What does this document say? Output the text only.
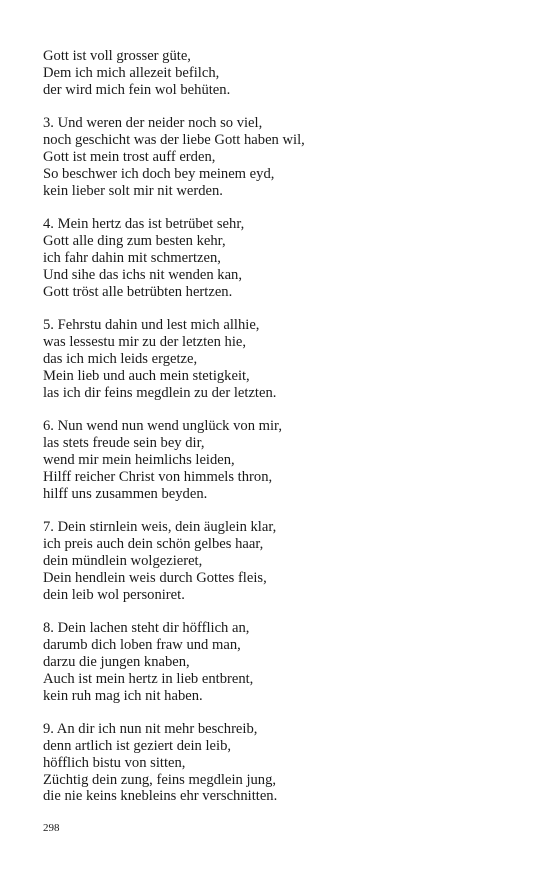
Gott ist voll grosser güte,
Dem ich mich allezeit befilch,
der wird mich fein wol behüten.
3. Und weren der neider noch so viel,
noch geschicht was der liebe Gott haben wil,
Gott ist mein trost auff erden,
So beschwer ich doch bey meinem eyd,
kein lieber solt mir nit werden.
4. Mein hertz das ist betrübet sehr,
Gott alle ding zum besten kehr,
ich fahr dahin mit schmertzen,
Und sihe das ichs nit wenden kan,
Gott tröst alle betrübten hertzen.
5. Fehrstu dahin und lest mich allhie,
was lessestu mir zu der letzten hie,
das ich mich leids ergetze,
Mein lieb und auch mein stetigkeit,
las ich dir feins megdlein zu der letzten.
6. Nun wend nun wend unglück von mir,
las stets freude sein bey dir,
wend mir mein heimlichs leiden,
Hilff reicher Christ von himmels thron,
hilff uns zusammen beyden.
7. Dein stirnlein weis, dein äuglein klar,
ich preis auch dein schön gelbes haar,
dein mündlein wolgezieret,
Dein hendlein weis durch Gottes fleis,
dein leib wol personiret.
8. Dein lachen steht dir höfflich an,
darumb dich loben fraw und man,
darzu die jungen knaben,
Auch ist mein hertz in lieb entbrent,
kein ruh mag ich nit haben.
9. An dir ich nun nit mehr beschreib,
denn artlich ist geziert dein leib,
höfflich bistu von sitten,
Züchtig dein zung, feins megdlein jung,
die nie keins knebleins ehr verschnitten.
298
